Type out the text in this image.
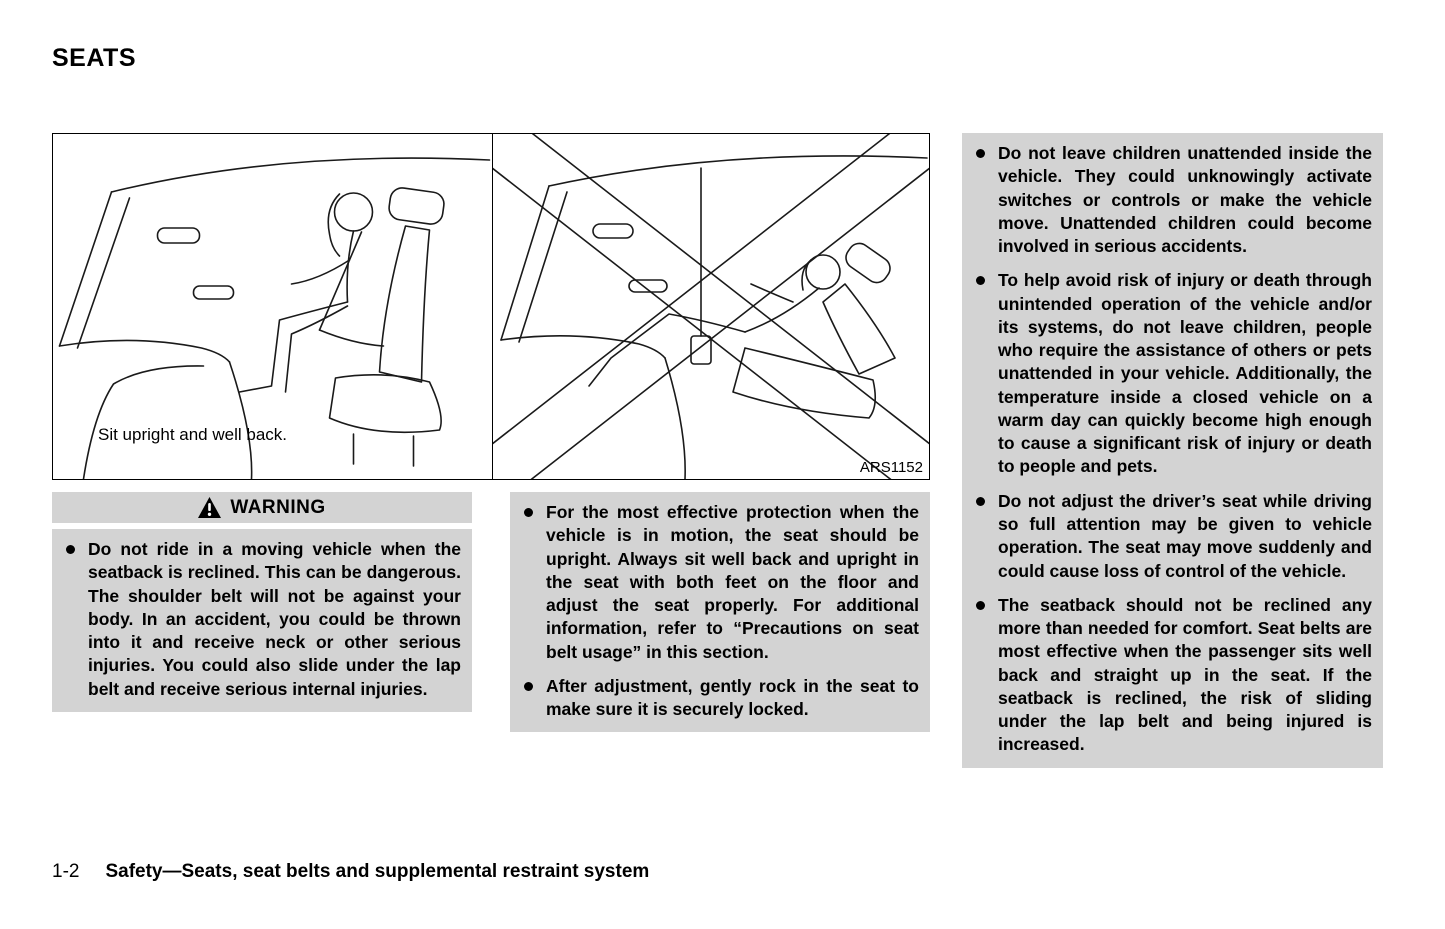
SEATS
Sit upright and well back.
ARS1152
WARNING
Do not ride in a moving vehicle when the seatback is reclined. This can be dangerous. The shoulder belt will not be against your body. In an accident, you could be thrown into it and receive neck or other serious injuries. You could also slide under the lap belt and receive serious internal injuries.
For the most effective protection when the vehicle is in motion, the seat should be upright. Always sit well back and upright in the seat with both feet on the floor and adjust the seat properly. For additional information, refer to “Precautions on seat belt usage” in this section.
After adjustment, gently rock in the seat to make sure it is securely locked.
Do not leave children unattended inside the vehicle. They could unknowingly activate switches or controls or make the vehicle move. Unattended children could become involved in serious accidents.
To help avoid risk of injury or death through unintended operation of the vehicle and/or its systems, do not leave children, people who require the assistance of others or pets unattended in your vehicle. Additionally, the temperature inside a closed vehicle on a warm day can quickly become high enough to cause a significant risk of injury or death to people and pets.
Do not adjust the driver’s seat while driving so full attention may be given to vehicle operation. The seat may move suddenly and could cause loss of control of the vehicle.
The seatback should not be reclined any more than needed for comfort. Seat belts are most effective when the passenger sits well back and straight up in the seat. If the seatback is reclined, the risk of sliding under the lap belt and being injured is increased.
1-2 Safety—Seats, seat belts and supplemental restraint system
